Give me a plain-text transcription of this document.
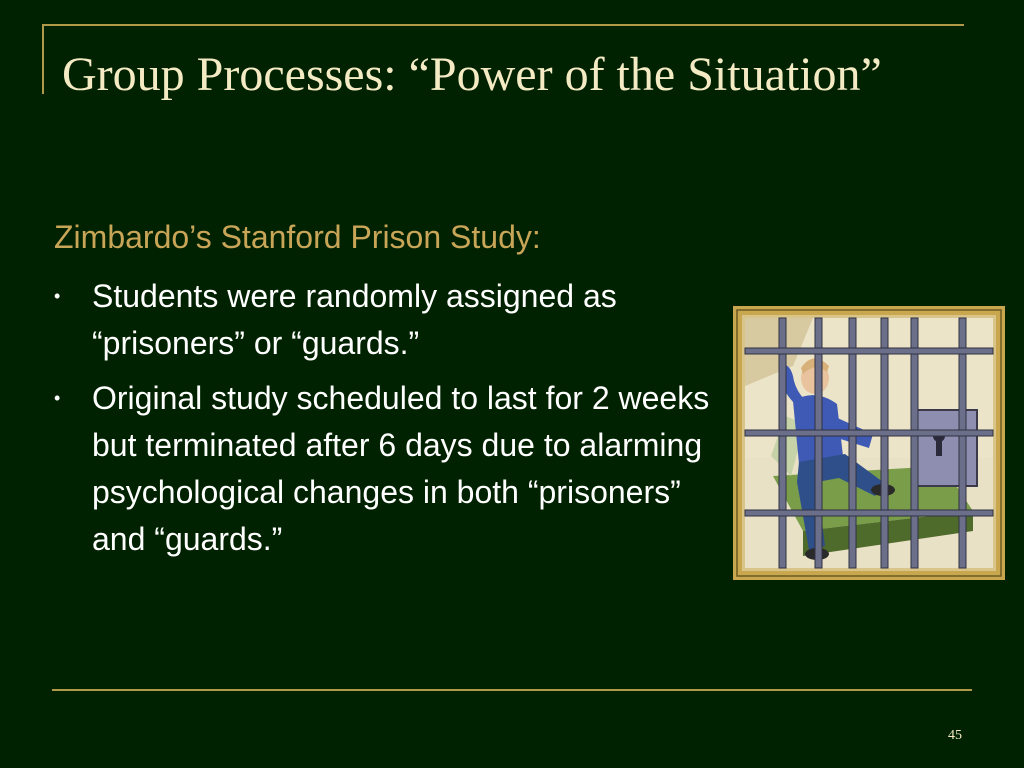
Group Processes: “Power of the Situation”

Zimbardo’s Stanford Prison Study:

• Students were randomly assigned as “prisoners” or “guards.”
• Original study scheduled to last for 2 weeks but terminated after 6 days due to alarming psychological changes in both “prisoners” and “guards.”
45
